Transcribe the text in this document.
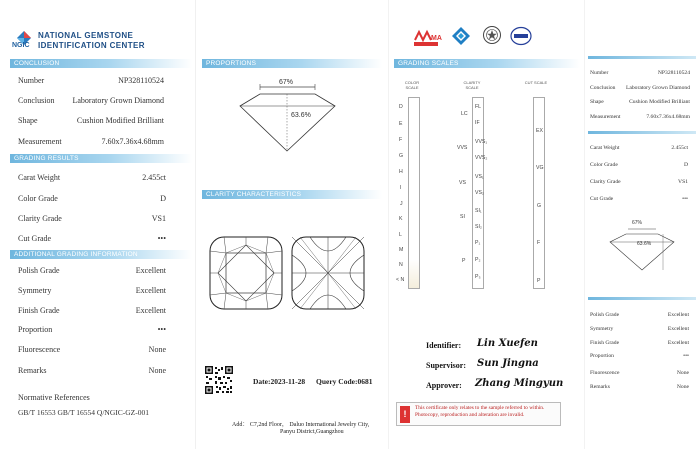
NGIC
NATIONAL GEMSTONE
IDENTIFICATION CENTER
MA
CONCLUSION
Number	NP328110524
Conclusion Laboratory Grown Diamond
Shape	Cushion Modified Brilliant
Measurement	7.60x7.36x4.68mm
GRADING RESULTS
Carat Weight	2.455ct
Color Grade	D
Clarity Grade	VS1
Cut Grade	•••
ADDITIONAL GRADING INFORMATION
Polish Grade	Excellent
Symmetry	Excellent
Finish Grade	Excellent
Proportion	•••
Fluorescence	None
Remarks	None
Normative References
GB/T 16553 GB/T 16554 Q/NGIC-GZ-001
PROPORTIONS
67%
63.6%
CLARITY CHARACTERISTICS
Date:2023-11-28 Query Code:0681
Add： C7,2nd Floor， Daluo International Jewelry City,
Panyu District,Guangzhou
GRADING SCALES
COLOR SCALE
CLARITY SCALE
CUT SCALE
D
E
F
G
H
I
J
K
L
M
N
< N
LC
FL
IF
VVS
VVS₁
VVS₂
VS
VS₁
VS₂
SI
SI₁
SI₂
P
P₁
P₂
P₃
EX
VG
G
F
P
Identifier: Lin Xuefen
Supervisor: Sun Jingna
Approver: Zhang Mingyun
!
This certificate only relates to the sample referred to within. Photocopy, reproduction and alteration are invalid.
Number	NP328110524
Conclusion Laboratory Grown Diamond
Shape	Cushion Modified Brilliant
Measurement	7.60x7.36x4.68mm
Carat Weight	2.455ct
Color Grade	D
Clarity Grade	VS1
Cut Grade	•••
67%
63.6%
Polish Grade	Excellent
Symmetry	Excellent
Finish Grade	Excellent
Proportion	•••
Fluorescence	None
Remarks	None
